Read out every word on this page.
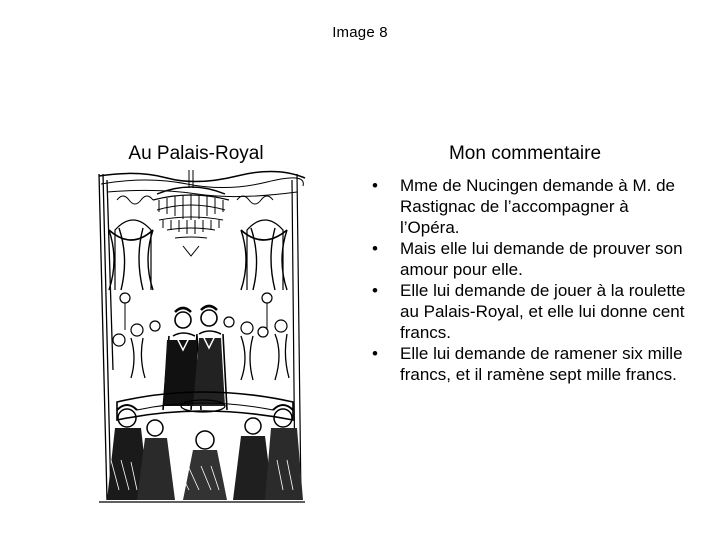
Image 8
Au Palais-Royal	Mon commentaire
• Mme de Nucingen demande à M. de Rastignac de l’accompagner à l’Opéra.
• Mais elle lui demande de prouver son amour pour elle.
• Elle lui demande de jouer à la roulette au Palais-Royal, et elle lui donne cent francs.
• Elle lui demande de ramener six mille francs, et il ramène sept mille francs.
